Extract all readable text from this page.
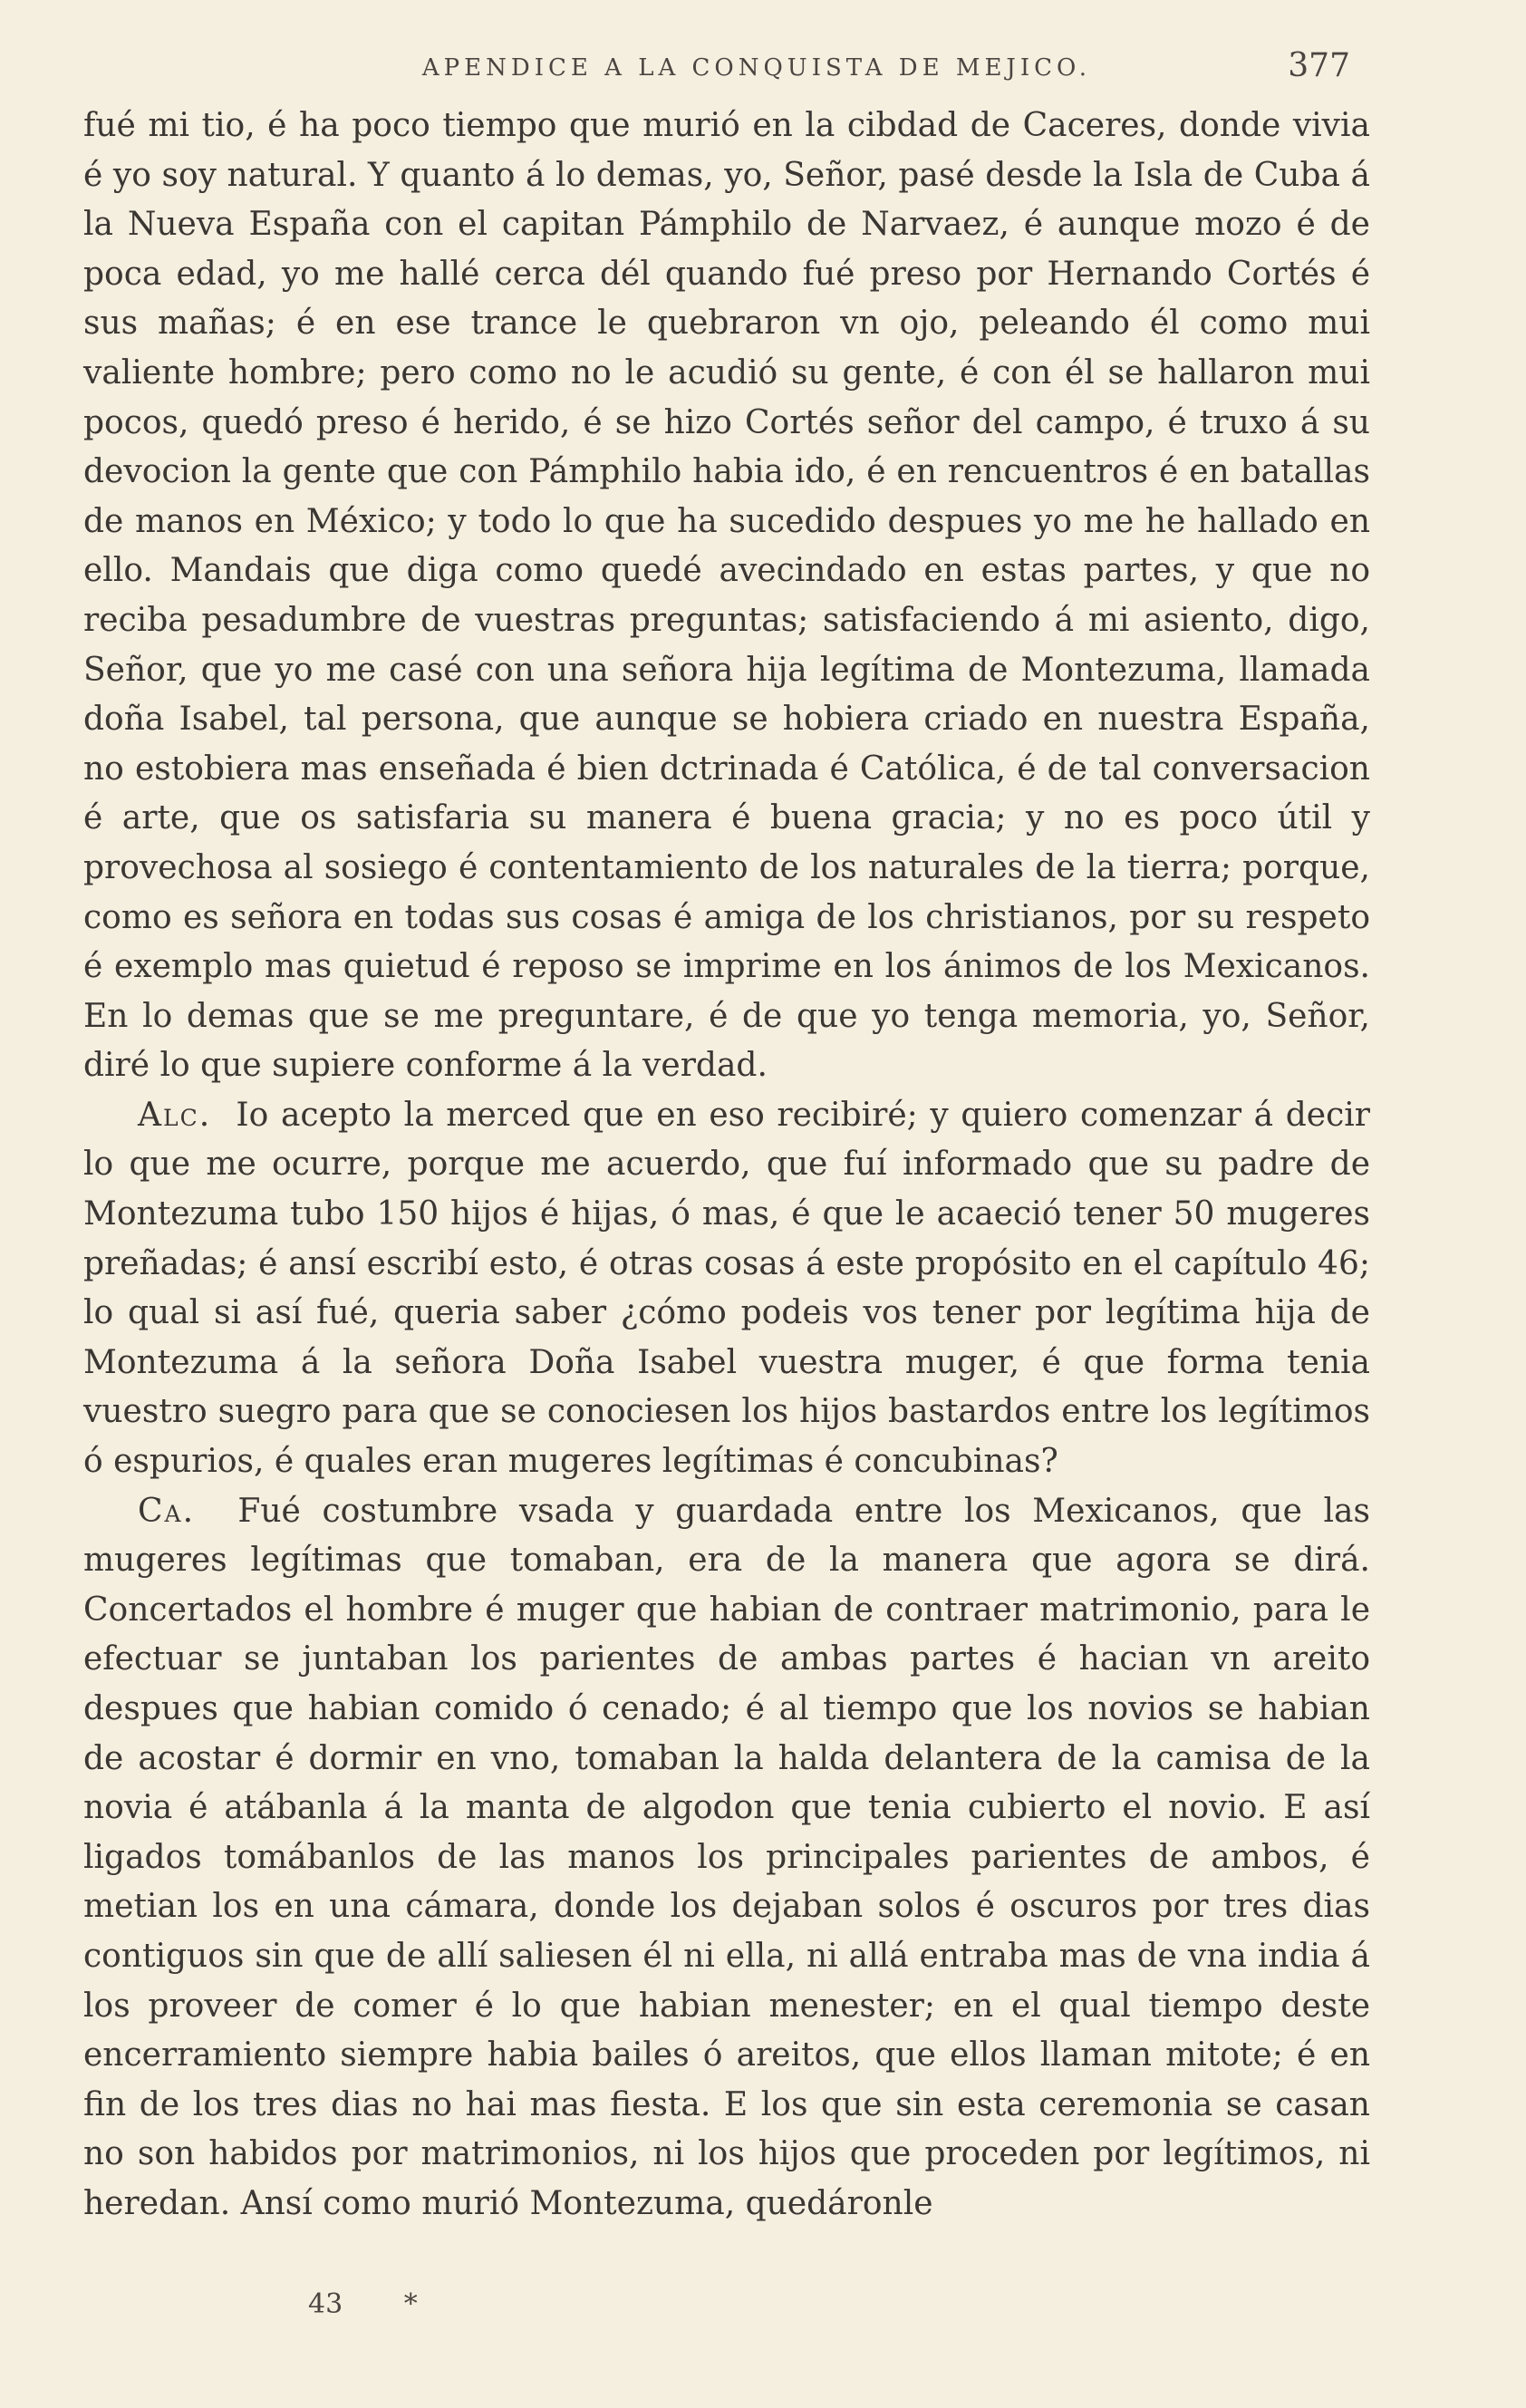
APENDICE A LA CONQUISTA DE MEJICO.	377

fué mi tio, é ha poco tiempo que murió en la cibdad de Caceres, donde vivia é yo soy natural. Y quanto á lo demas, yo, Señor, pasé desde la Isla de Cuba á la Nueva España con el capitan Pámphilo de Narvaez, é aunque mozo é de poca edad, yo me hallé cerca dél quando fué preso por Hernando Cortés é sus mañas; é en ese trance le quebraron vn ojo, peleando él como mui valiente hombre; pero como no le acudió su gente, é con él se hallaron mui pocos, quedó preso é herido, é se hizo Cortés señor del campo, é truxo á su devocion la gente que con Pámphilo habia ido, é en rencuentros é en batallas de manos en México; y todo lo que ha sucedido despues yo me he hallado en ello. Mandais que diga como quedé avecindado en estas partes, y que no reciba pesadumbre de vuestras preguntas; satisfaciendo á mi asiento, digo, Señor, que yo me casé con una señora hija legítima de Montezuma, llamada doña Isabel, tal persona, que aunque se hobiera criado en nuestra España, no estobiera mas enseñada é bien dctrinada é Católica, é de tal conversacion é arte, que os satisfaria su manera é buena gracia; y no es poco útil y provechosa al sosiego é contentamiento de los naturales de la tierra; porque, como es señora en todas sus cosas é amiga de los christianos, por su respeto é exemplo mas quietud é reposo se imprime en los ánimos de los Mexicanos. En lo demas que se me preguntare, é de que yo tenga memoria, yo, Señor, diré lo que supiere conforme á la verdad.

Alc. Io acepto la merced que en eso recibiré; y quiero comenzar á decir lo que me ocurre, porque me acuerdo, que fuí informado que su padre de Montezuma tubo 150 hijos é hijas, ó mas, é que le acaeció tener 50 mugeres preñadas; é ansí escribí esto, é otras cosas á este propósito en el capítulo 46; lo qual si así fué, queria saber ¿cómo podeis vos tener por legítima hija de Montezuma á la señora Doña Isabel vuestra muger, é que forma tenia vuestro suegro para que se conociesen los hijos bastardos entre los legítimos ó espurios, é quales eran mugeres legítimas é concubinas?

Ca. Fué costumbre vsada y guardada entre los Mexicanos, que las mugeres legítimas que tomaban, era de la manera que agora se dirá. Concertados el hombre é muger que habian de contraer matrimonio, para le efectuar se juntaban los parientes de ambas partes é hacian vn areito despues que habian comido ó cenado; é al tiempo que los novios se habian de acostar é dormir en vno, tomaban la halda delantera de la camisa de la novia é atábanla á la manta de algodon que tenia cubierto el novio. E así ligados tomábanlos de las manos los principales parientes de ambos, é metian los en una cámara, donde los dejaban solos é oscuros por tres dias contiguos sin que de allí saliesen él ni ella, ni allá entraba mas de vna india á los proveer de comer é lo que habian menester; en el qual tiempo deste encerramiento siempre habia bailes ó areitos, que ellos llaman mitote; é en fin de los tres dias no hai mas fiesta. E los que sin esta ceremonia se casan no son habidos por matrimonios, ni los hijos que proceden por legítimos, ni heredan. Ansí como murió Montezuma, quedáronle

43 *
